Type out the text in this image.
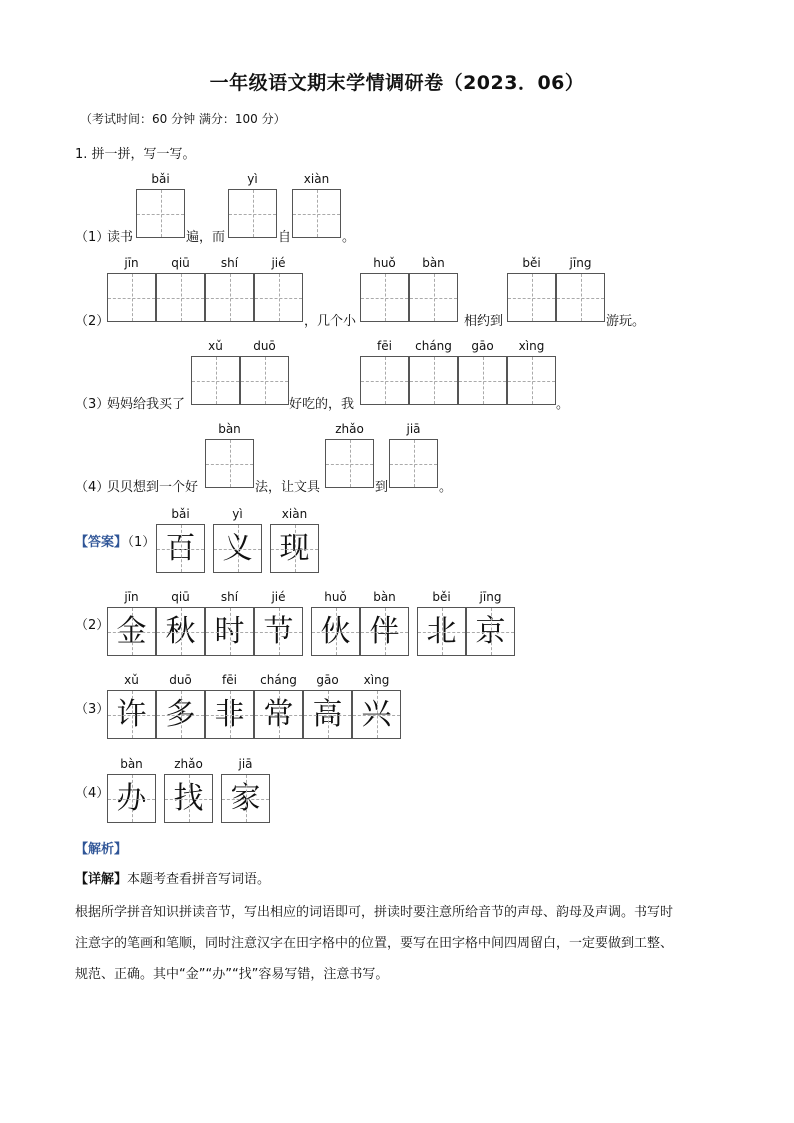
一年级语文期末学情调研卷（2023．06）
（考试时间：60 分钟 满分：100 分）
1. 拼一拼，写一写。
bǎi	yì	xiàn
（1）
读书	遍，而	自	。
jīn	qiū	shí	jié	huǒ	bàn	běi	jīng
（2）	，几个小	相约到	游玩。
xǔ	duō	fēi	cháng	gāo	xìng
（3）
妈妈给我买了	好吃的，我	。
bàn	zhǎo	jiā
（4）
贝贝想到一个好	法，让文具	到	。
【答案】
（1）
bǎi	yì	xiàn
百 义 现
（2）
jīn	qiū	shí	jié	huǒ	bàn	běi	jīng
金 秋 时 节 伙 伴 北 京
（3）
xǔ	duō	fēi	cháng	gāo	xìng
许 多 非 常 高 兴
（4）
bàn	zhǎo	jiā
办 找 家
【解析】
【详解】本题考查看拼音写词语。
根据所学拼音知识拼读音节，写出相应的词语即可，拼读时要注意所给音节的声母、韵母及声调。书写时
注意字的笔画和笔顺，同时注意汉字在田字格中的位置，要写在田字格中间四周留白，一定要做到工整、
规范、正确。其中“金”“办”“找”容易写错，注意书写。
